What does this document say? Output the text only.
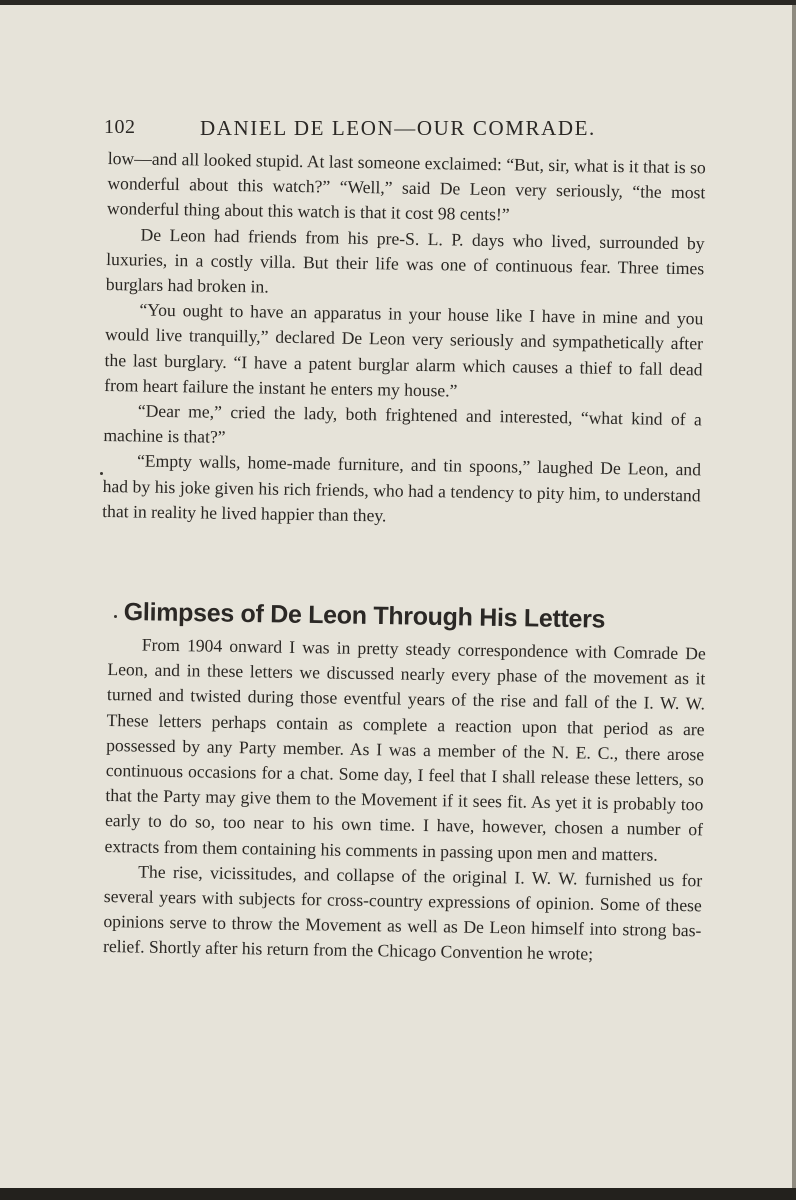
102	DANIEL DE LEON—OUR COMRADE.

low—and all looked stupid. At last someone exclaimed: “But, sir, what is it that is so wonderful about this watch?” “Well,” said De Leon very seriously, “the most wonderful thing about this watch is that it cost 98 cents!”

De Leon had friends from his pre-S. L. P. days who lived, surrounded by luxuries, in a costly villa. But their life was one of continuous fear. Three times burglars had broken in.

“You ought to have an apparatus in your house like I have in mine and you would live tranquilly,” declared De Leon very seriously and sympathetically after the last burglary. “I have a patent burglar alarm which causes a thief to fall dead from heart failure the instant he enters my house.”

“Dear me,” cried the lady, both frightened and interested, “what kind of a machine is that?”

“Empty walls, home-made furniture, and tin spoons,” laughed De Leon, and had by his joke given his rich friends, who had a tendency to pity him, to understand that in reality he lived happier than they.

Glimpses of De Leon Through His Letters

From 1904 onward I was in pretty steady correspondence with Comrade De Leon, and in these letters we discussed nearly every phase of the movement as it turned and twisted during those eventful years of the rise and fall of the I. W. W. These letters perhaps contain as complete a reaction upon that period as are possessed by any Party member. As I was a member of the N. E. C., there arose continuous occasions for a chat. Some day, I feel that I shall release these letters, so that the Party may give them to the Movement if it sees fit. As yet it is probably too early to do so, too near to his own time. I have, however, chosen a number of extracts from them containing his comments in passing upon men and matters.

The rise, vicissitudes, and collapse of the original I. W. W. furnished us for several years with subjects for cross-country expressions of opinion. Some of these opinions serve to throw the Movement as well as De Leon himself into strong bas-relief. Shortly after his return from the Chicago Convention he wrote;
